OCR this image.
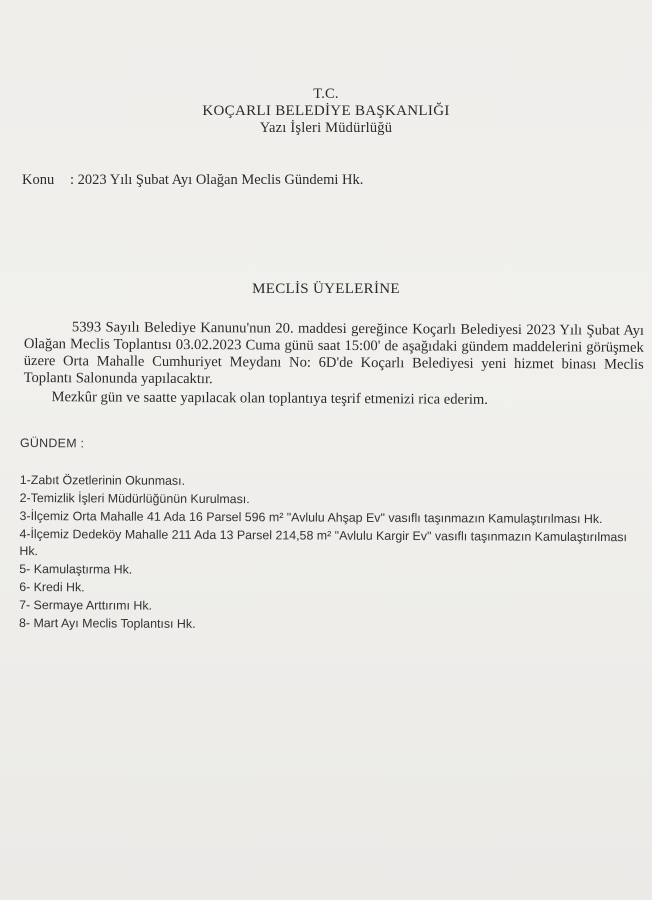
T.C.
KOÇARLI BELEDİYE BAŞKANLIĞI
Yazı İşleri Müdürlüğü
Konu : 2023 Yılı Şubat Ayı Olağan Meclis Gündemi Hk.
MECLİS ÜYELERİNE

5393 Sayılı Belediye Kanunu'nun 20. maddesi gereğince Koçarlı Belediyesi 2023 Yılı Şubat Ayı Olağan Meclis Toplantısı 03.02.2023 Cuma günü saat 15:00' de aşağıdaki gündem maddelerini görüşmek üzere Orta Mahalle Cumhuriyet Meydanı No: 6D'de Koçarlı Belediyesi yeni hizmet binası Meclis Toplantı Salonunda yapılacaktır.

Mezkûr gün ve saatte yapılacak olan toplantıya teşrif etmenizi rica ederim.

GÜNDEM :
1-Zabıt Özetlerinin Okunması.
2-Temizlik İşleri Müdürlüğünün Kurulması.
3-İlçemiz Orta Mahalle 41 Ada 16 Parsel 596 m² "Avlulu Ahşap Ev" vasıflı taşınmazın Kamulaştırılması Hk.
4-İlçemiz Dedeköy Mahalle 211 Ada 13 Parsel 214,58 m² "Avlulu Kargir Ev" vasıflı taşınmazın Kamulaştırılması Hk.
5- Kamulaştırma Hk.
6- Kredi Hk.
7- Sermaye Arttırımı Hk.
8- Mart Ayı Meclis Toplantısı Hk.
